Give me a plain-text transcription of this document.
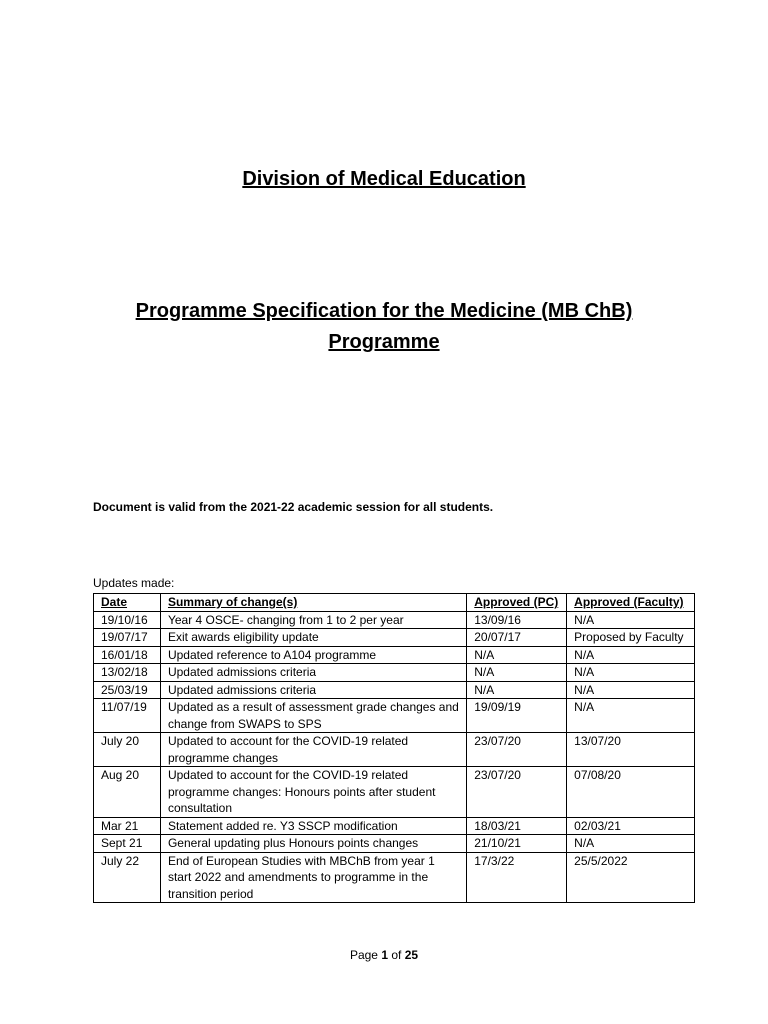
Division of Medical Education
Programme Specification for the Medicine (MB ChB)
Programme
Document is valid from the 2021-22 academic session for all students.
Updates made:
Date	Summary of change(s)	Approved (PC)	Approved (Faculty)
19/10/16	Year 4 OSCE- changing from 1 to 2 per year	13/09/16	N/A
19/07/17	Exit awards eligibility update	20/07/17	Proposed by Faculty
16/01/18	Updated reference to A104 programme	N/A	N/A
13/02/18	Updated admissions criteria	N/A	N/A
25/03/19	Updated admissions criteria	N/A	N/A
11/07/19	Updated as a result of assessment grade changes and change from SWAPS to SPS	19/09/19	N/A
July 20	Updated to account for the COVID-19 related programme changes	23/07/20	13/07/20
Aug 20	Updated to account for the COVID-19 related programme changes: Honours points after student consultation	23/07/20	07/08/20
Mar 21	Statement added re. Y3 SSCP modification	18/03/21	02/03/21
Sept 21	General updating plus Honours points changes	21/10/21	N/A
July 22	End of European Studies with MBChB from year 1 start 2022 and amendments to programme in the transition period	17/3/22	25/5/2022
Page 1 of 25
